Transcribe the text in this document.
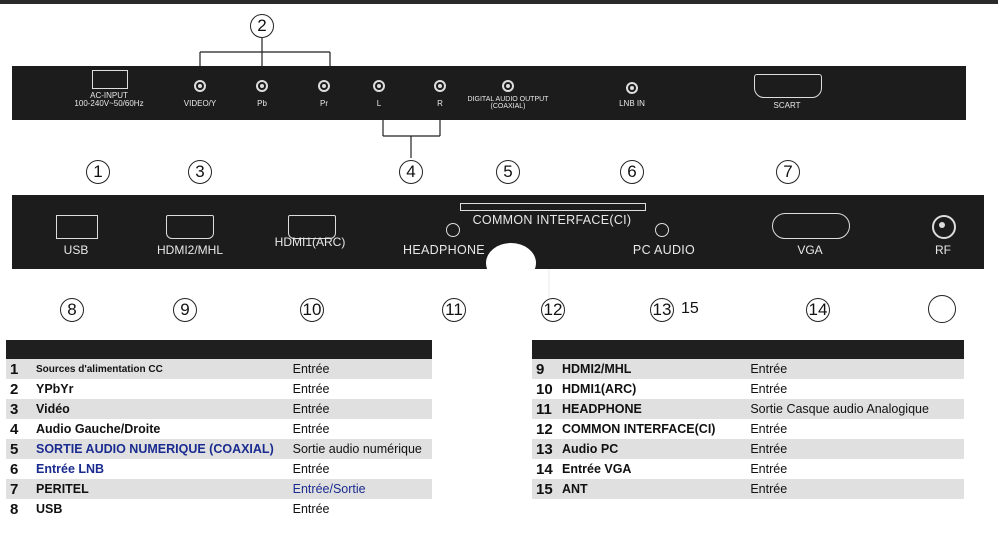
AC-INPUT
100-240V~50/60Hz	VIDEO/Y	Pb	Pr	L	R	DIGITAL AUDIO OUTPUT
(COAXIAL)	LNB IN	SCART
USB	HDMI2/MHL
HDMI1(ARC)
HEADPHONE
COMMON INTERFACE(CI)
PC AUDIO	VGA	RF
2
1	3	4	5	6	7
8	9	10	11	12	13 15	14

1	Sources d'alimentation CC	Entrée
2	YPbYr	Entrée
3	Vidéo	Entrée
4	Audio Gauche/Droite	Entrée
5	SORTIE AUDIO NUMERIQUE (COAXIAL)	Sortie audio numérique
6	Entrée LNB	Entrée
7	PERITEL	Entrée/Sortie
8	USB	Entrée

9	HDMI2/MHL	Entrée
10	HDMI1(ARC)	Entrée
11	HEADPHONE	Sortie Casque audio Analogique
12	COMMON INTERFACE(CI)	Entrée
13	Audio PC	Entrée
14	Entrée VGA	Entrée
15	ANT	Entrée
